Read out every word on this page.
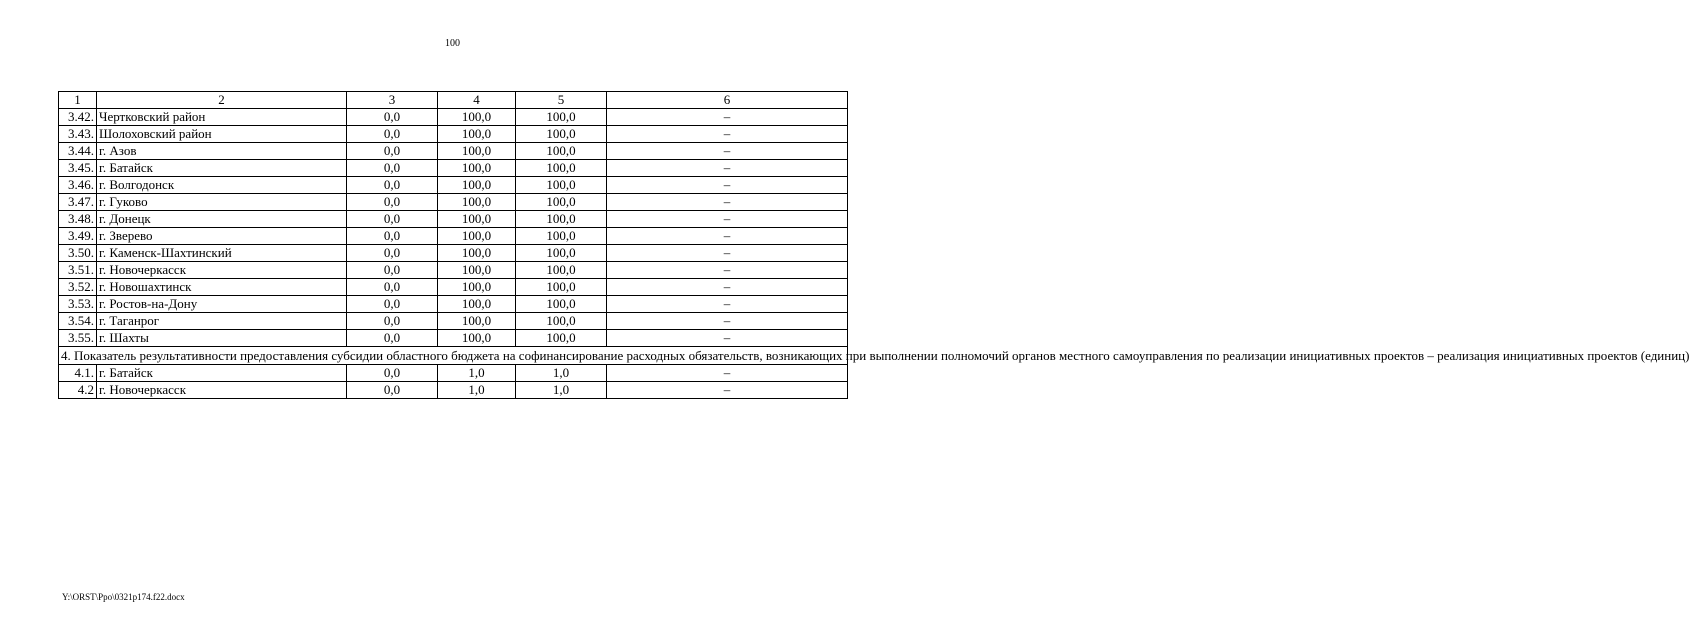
100
1	2	3	4	5	6
3.42.	Чертковский район	0,0	100,0	100,0	–
3.43.	Шолоховский район	0,0	100,0	100,0	–
3.44.	г. Азов	0,0	100,0	100,0	–
3.45.	г. Батайск	0,0	100,0	100,0	–
3.46.	г. Волгодонск	0,0	100,0	100,0	–
3.47.	г. Гуково	0,0	100,0	100,0	–
3.48.	г. Донецк	0,0	100,0	100,0	–
3.49.	г. Зверево	0,0	100,0	100,0	–
3.50.	г. Каменск-Шахтинский	0,0	100,0	100,0	–
3.51.	г. Новочеркасск	0,0	100,0	100,0	–
3.52.	г. Новошахтинск	0,0	100,0	100,0	–
3.53.	г. Ростов-на-Дону	0,0	100,0	100,0	–
3.54.	г. Таганрог	0,0	100,0	100,0	–
3.55.	г. Шахты	0,0	100,0	100,0	–
4. Показатель результативности предоставления субсидии областного бюджета на софинансирование расходных обязательств, возникающих при выполнении полномочий органов местного самоуправления по реализации инициативных проектов – реализация инициативных проектов (единиц)					
4.1.	г. Батайск	0,0	1,0	1,0	–
4.2	г. Новочеркасск	0,0	1,0	1,0	–
Y:\ORST\Ppo\0321p174.f22.docx
